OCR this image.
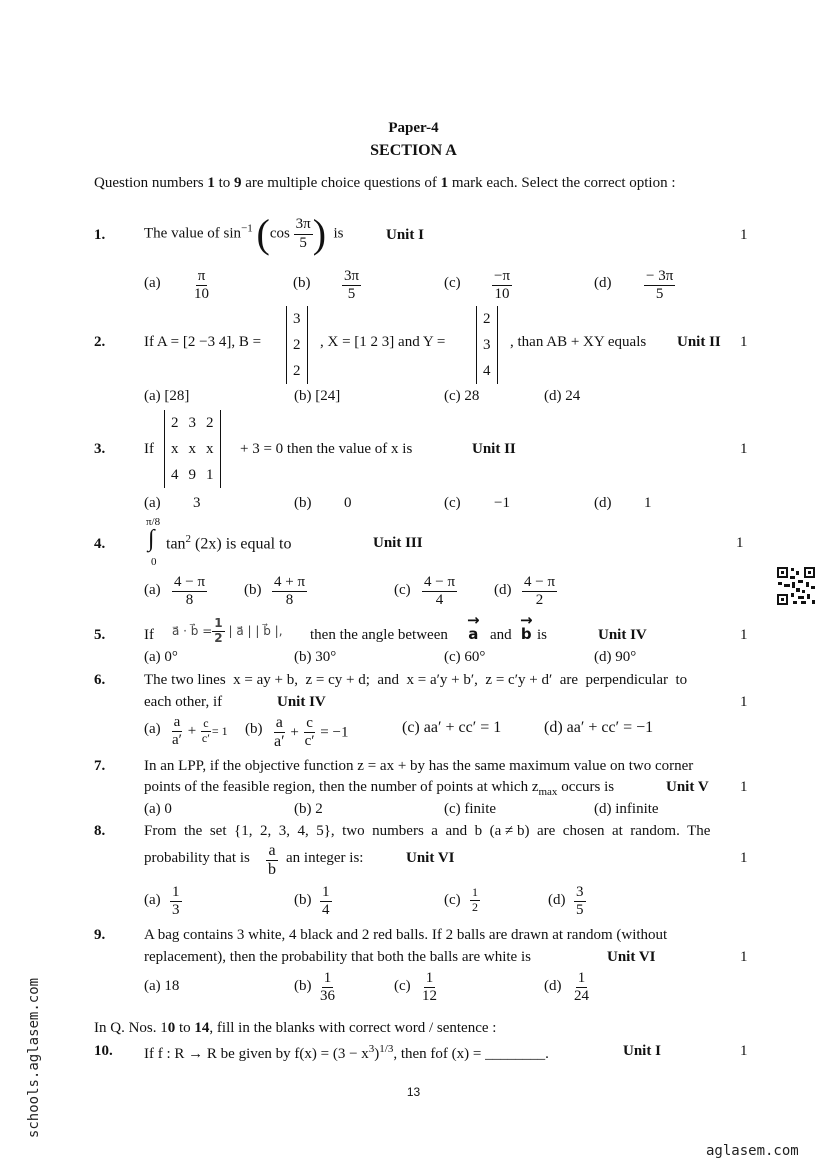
Paper-4
SECTION A
Question numbers 1 to 9 are multiple choice questions of 1 mark each. Select the correct option :
1.	The value of $\sin^{-1} (\cos \frac{3\pi}{5}$ ) is	Unit I	1
$(a) \frac{\pi}{10}$	$(b) \frac{3\pi}{5}$	$(c) \frac{-\pi}{10}$	$(d) \frac{- 3\pi}{5}$
2.	If A = [2 −3 4], B =
3
2
2
, X = [1 2 3] and Y =
2
3
4
, than AB + XY equals Unit II 1
(a) [28]	(b) [24]	(c) 28	(d) 24
3.	If
2 3 2
x x x
4 9 1
+ 3 = 0 then the value of x is	Unit II	1
(a) 3	(b) 0	(c) −1	(d) 1
4.
π/8
∫
0
$\tan^2 (2x)$ is equal to	Unit III	1
$(a) \frac{4 - \pi}{8} (b) \frac{4 + \pi}{8}$	$(c) \frac{4 - \pi}{4} (d) \frac{4 - \pi}{2}$
5.	If a⃗ · b⃗ = $\frac{1}{2}$ | a⃗ | | b⃗ |, then the angle between
→
a and
→
b is	Unit IV	1
(a) 0°	(b) 30°	(c) 60°	(d) 90°
6.	The two lines  x = ay + b,  z = cy + d;  and  x = a′y + b′,  z = c′y + d′  are  perpendicular  to
each other, if	Unit IV	1
$(a) \frac{a}{a'} + \frac{c}{c'} = 1$ $(b) \frac{a}{a'} + \frac{c}{c'} = -1$	(c) aa′ + cc′ = 1	(d) aa′ + cc′ = −1
7.	In an LPP, if the objective function z = ax + by has the same maximum value on two corner
points of the feasible region, then the number of points at which $z_{max}$ occurs is	Unit V 1
(a) 0	(b) 2	(c) finite	(d) infinite
8.	From  the  set  {1,  2,  3,  4,  5},  two  numbers  a  and  b  (a ≠ b)  are  chosen  at  random.  The
probability that is $\frac{a}{b}$ an integer is:	Unit VI	1
$(a) \frac{1}{3}$	$(b) \frac{1}{4}$	$(c) \frac{1}{2}$	$(d) \frac{3}{5}$
9.	A bag contains 3 white, 4 black and 2 red balls. If 2 balls are drawn at random (without
replacement), then the probability that both the balls are white is	Unit VI	1
(a) 18	$(b) \frac{1}{36}$	$(c) \frac{1}{12}$	$(d) \frac{1}{24}$
In Q. Nos. 10 to 14, fill in the blanks with correct word / sentence :
10. If f : R → R be given by $f(x) = (3 - x^3)^{1/3}$, then fof (x) = ________.	Unit I	1
13
aglasem.com
schools.aglasem.com
